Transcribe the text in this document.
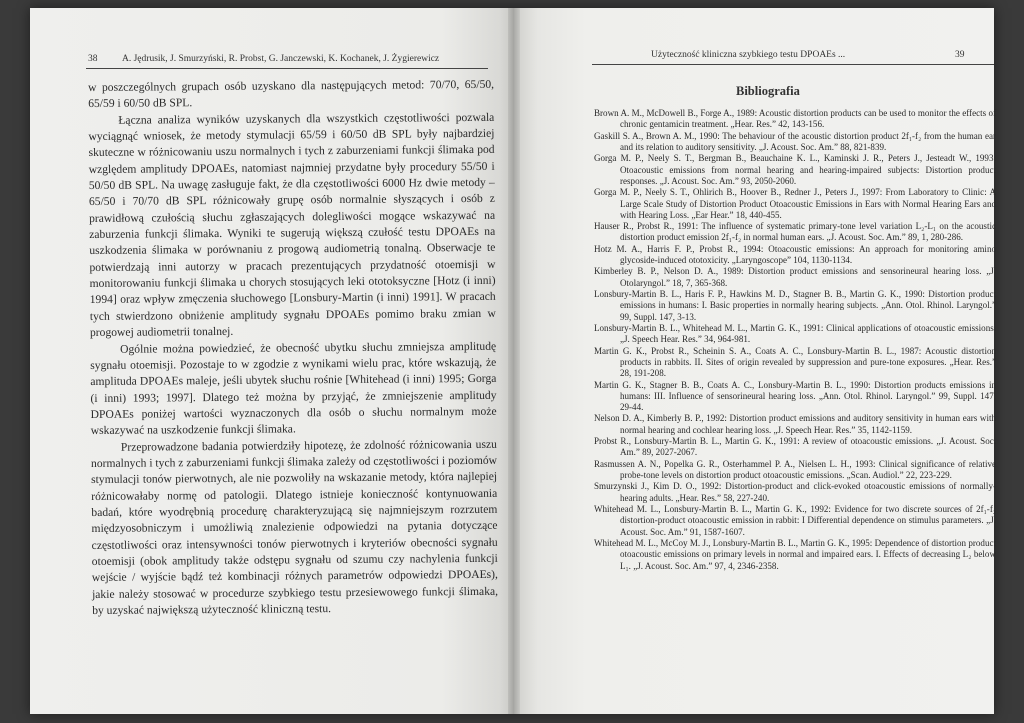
38	A. Jędrusik, J. Smurzyński, R. Probst, G. Janczewski, K. Kochanek, J. Żygierewicz

w poszczególnych grupach osób uzyskano dla następujących metod: 70/70, 65/50, 65/59 i 60/50 dB SPL.

Łączna analiza wyników uzyskanych dla wszystkich częstotliwości pozwala wyciągnąć wniosek, że metody stymulacji 65/59 i 60/50 dB SPL były najbardziej skuteczne w różnicowaniu uszu normalnych i tych z zaburzeniami funkcji ślimaka pod względem amplitudy DPOAEs, natomiast najmniej przydatne były procedury 55/50 i 50/50 dB SPL. Na uwagę zasługuje fakt, że dla częstotliwości 6000 Hz dwie metody – 65/50 i 70/70 dB SPL różnicowały grupę osób normalnie słyszących i osób z prawidłową czułością słuchu zgłaszających dolegliwości mogące wskazywać na zaburzenia funkcji ślimaka. Wyniki te sugerują większą czułość testu DPOAEs na uszkodzenia ślimaka w porównaniu z progową audiometrią tonalną. Obserwacje te potwierdzają inni autorzy w pracach prezentujących przydatność otoemisji w monitorowaniu funkcji ślimaka u chorych stosujących leki ototoksyczne [Hotz (i inni) 1994] oraz wpływ zmęczenia słuchowego [Lonsbury-Martin (i inni) 1991]. W pracach tych stwierdzono obniżenie amplitudy sygnału DPOAEs pomimo braku zmian w progowej audiometrii tonalnej.

Ogólnie można powiedzieć, że obecność ubytku słuchu zmniejsza amplitudę sygnału otoemisji. Pozostaje to w zgodzie z wynikami wielu prac, które wskazują, że amplituda DPOAEs maleje, jeśli ubytek słuchu rośnie [Whitehead (i inni) 1995; Gorga (i inni) 1993; 1997]. Dlatego też można by przyjąć, że zmniejszenie amplitudy DPOAEs poniżej wartości wyznaczonych dla osób o słuchu normalnym może wskazywać na uszkodzenie funkcji ślimaka.

Przeprowadzone badania potwierdziły hipotezę, że zdolność różnicowania uszu normalnych i tych z zaburzeniami funkcji ślimaka zależy od częstotliwości i poziomów stymulacji tonów pierwotnych, ale nie pozwoliły na wskazanie metody, która najlepiej różnicowałaby normę od patologii. Dlatego istnieje konieczność kontynuowania badań, które wyodrębnią procedurę charakteryzującą się najmniejszym rozrzutem międzyosobniczym i umożliwią znalezienie odpowiedzi na pytania dotyczące częstotliwości oraz intensywności tonów pierwotnych i kryteriów obecności sygnału otoemisji (obok amplitudy także odstępu sygnału od szumu czy nachylenia funkcji wejście / wyjście bądź też kombinacji różnych parametrów odpowiedzi DPOAEs), jakie należy stosować w procedurze szybkiego testu przesiewowego funkcji ślimaka, by uzyskać największą użyteczność kliniczną testu.

Użyteczność kliniczna szybkiego testu DPOAEs ...	39
Bibliografia

Brown A. M., McDowell B., Forge A., 1989: Acoustic distortion products can be used to monitor the effects of chronic gentamicin treatment. „Hear. Res.” 42, 143-156.

Gaskill S. A., Brown A. M., 1990: The behaviour of the acoustic distortion product 2f₁-f₂ from the human ear and its relation to auditory sensitivity. „J. Acoust. Soc. Am.” 88, 821-839.

Gorga M. P., Neely S. T., Bergman B., Beauchaine K. L., Kaminski J. R., Peters J., Jesteadt W., 1993: Otoacoustic emissions from normal hearing and hearing-impaired subjects: Distortion product responses. „J. Acoust. Soc. Am.” 93, 2050-2060.

Gorga M. P., Neely S. T., Ohlirich B., Hoover B., Redner J., Peters J., 1997: From Laboratory to Clinic: A Large Scale Study of Distortion Product Otoacoustic Emissions in Ears with Normal Hearing Ears and with Hearing Loss. „Ear Hear.” 18, 440-455.

Hauser R., Probst R., 1991: The influence of systematic primary-tone level variation L₂-L₁ on the acoustic distortion product emission 2f₁-f₂ in normal human ears. „J. Acoust. Soc. Am.” 89, 1, 280-286.

Hotz M. A., Harris F. P., Probst R., 1994: Otoacoustic emissions: An approach for monitoring amino glycoside-induced ototoxicity. „Laryngoscope” 104, 1130-1134.

Kimberley B. P., Nelson D. A., 1989: Distortion product emissions and sensorineural hearing loss. „J. Otolaryngol.” 18, 7, 365-368.

Lonsbury-Martin B. L., Haris F. P., Hawkins M. D., Stagner B. B., Martin G. K., 1990: Distortion product emissions in humans: I. Basic properties in normally hearing subjects. „Ann. Otol. Rhinol. Laryngol.” 99, Suppl. 147, 3-13.

Lonsbury-Martin B. L., Whitehead M. L., Martin G. K., 1991: Clinical applications of otoacoustic emissions. „J. Speech Hear. Res.” 34, 964-981.

Martin G. K., Probst R., Scheinin S. A., Coats A. C., Lonsbury-Martin B. L., 1987: Acoustic distortion products in rabbits. II. Sites of origin revealed by suppression and pure-tone exposures. „Hear. Res.” 28, 191-208.

Martin G. K., Stagner B. B., Coats A. C., Lonsbury-Martin B. L., 1990: Distortion products emissions in humans: III. Influence of sensorineural hearing loss. „Ann. Otol. Rhinol. Laryngol.” 99, Suppl. 147, 29-44.

Nelson D. A., Kimberly B. P., 1992: Distortion product emissions and auditory sensitivity in human ears with normal hearing and cochlear hearing loss. „J. Speech Hear. Res.” 35, 1142-1159.

Probst R., Lonsbury-Martin B. L., Martin G. K., 1991: A review of otoacoustic emissions. „J. Acoust. Soc. Am.” 89, 2027-2067.

Rasmussen A. N., Popelka G. R., Osterhammel P. A., Nielsen L. H., 1993: Clinical significance of relative probe-tone levels on distortion product otoacoustic emissions. „Scan. Audiol.” 22, 223-229.

Smurzynski J., Kim D. O., 1992: Distortion-product and click-evoked otoacoustic emissions of normally-hearing adults. „Hear. Res.” 58, 227-240.

Whitehead M. L., Lonsbury-Martin B. L., Martin G. K., 1992: Evidence for two discrete sources of 2f₁-f₂ distortion-product otoacoustic emission in rabbit: I Differential dependence on stimulus parameters. „J. Acoust. Soc. Am.” 91, 1587-1607.

Whitehead M. L., McCoy M. J., Lonsbury-Martin B. L., Martin G. K., 1995: Dependence of distortion product otoacoustic emissions on primary levels in normal and impaired ears. I. Effects of decreasing L₂ below L₁. „J. Acoust. Soc. Am.” 97, 4, 2346-2358.
